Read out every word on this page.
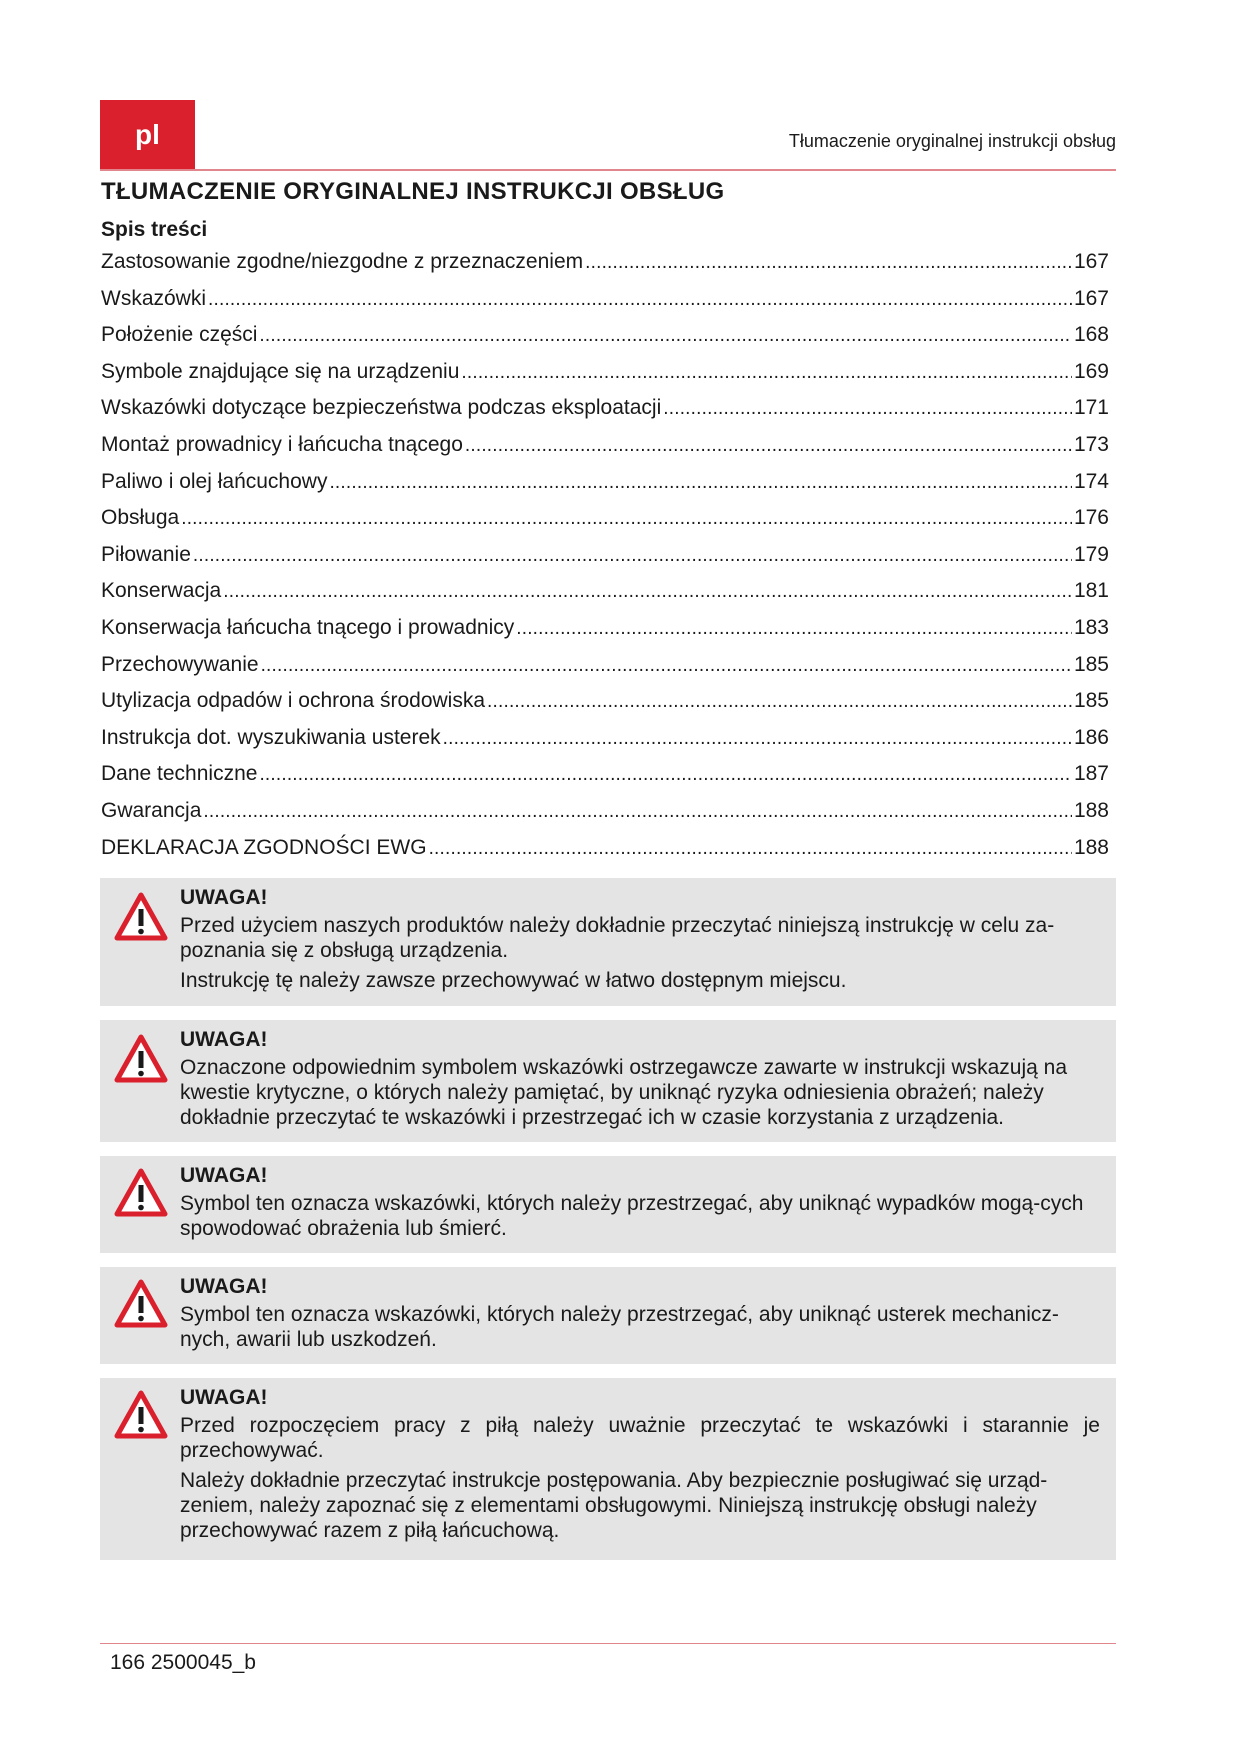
pl	Tłumaczenie oryginalnej instrukcji obsług
TŁUMACZENIE ORYGINALNEJ INSTRUKCJI OBSŁUG
Spis treści
Zastosowanie zgodne/niezgodne z przeznaczeniem .....	167
Wskazówki .....	167
Położenie części .....	168
Symbole znajdujące się na urządzeniu .....	169
Wskazówki dotyczące bezpieczeństwa podczas eksploatacji .....	171
Montaż prowadnicy i łańcucha tnącego .....	173
Paliwo i olej łańcuchowy .....	174
Obsługa .....	176
Piłowanie .....	179
Konserwacja .....	181
Konserwacja łańcucha tnącego i prowadnicy .....	183
Przechowywanie .....	185
Utylizacja odpadów i ochrona środowiska .....	185
Instrukcja dot. wyszukiwania usterek .....	186
Dane techniczne .....	187
Gwarancja .....	188
DEKLARACJA ZGODNOŚCI EWG .....	188
UWAGA!

Przed użyciem naszych produktów należy dokładnie przeczytać niniejszą instrukcję w celu za-poznania się z obsługą urządzenia.

Instrukcję tę należy zawsze przechowywać w łatwo dostępnym miejscu.

UWAGA!

Oznaczone odpowiednim symbolem wskazówki ostrzegawcze zawarte w instrukcji wskazują na kwestie krytyczne, o których należy pamiętać, by uniknąć ryzyka odniesienia obrażeń; należy dokładnie przeczytać te wskazówki i przestrzegać ich w czasie korzystania z urządzenia.

UWAGA!

Symbol ten oznacza wskazówki, których należy przestrzegać, aby uniknąć wypadków mogą-cych spowodować obrażenia lub śmierć.

UWAGA!

Symbol ten oznacza wskazówki, których należy przestrzegać, aby uniknąć usterek mechanicz-nych, awarii lub uszkodzeń.

UWAGA!

Przed rozpoczęciem pracy z piłą należy uważnie przeczytać te wskazówki i starannie je przechowywać.

Należy dokładnie przeczytać instrukcje postępowania. Aby bezpiecznie posługiwać się urząd-zeniem, należy zapoznać się z elementami obsługowymi. Niniejszą instrukcję obsługi należy przechowywać razem z piłą łańcuchową.

166 2500045_b
